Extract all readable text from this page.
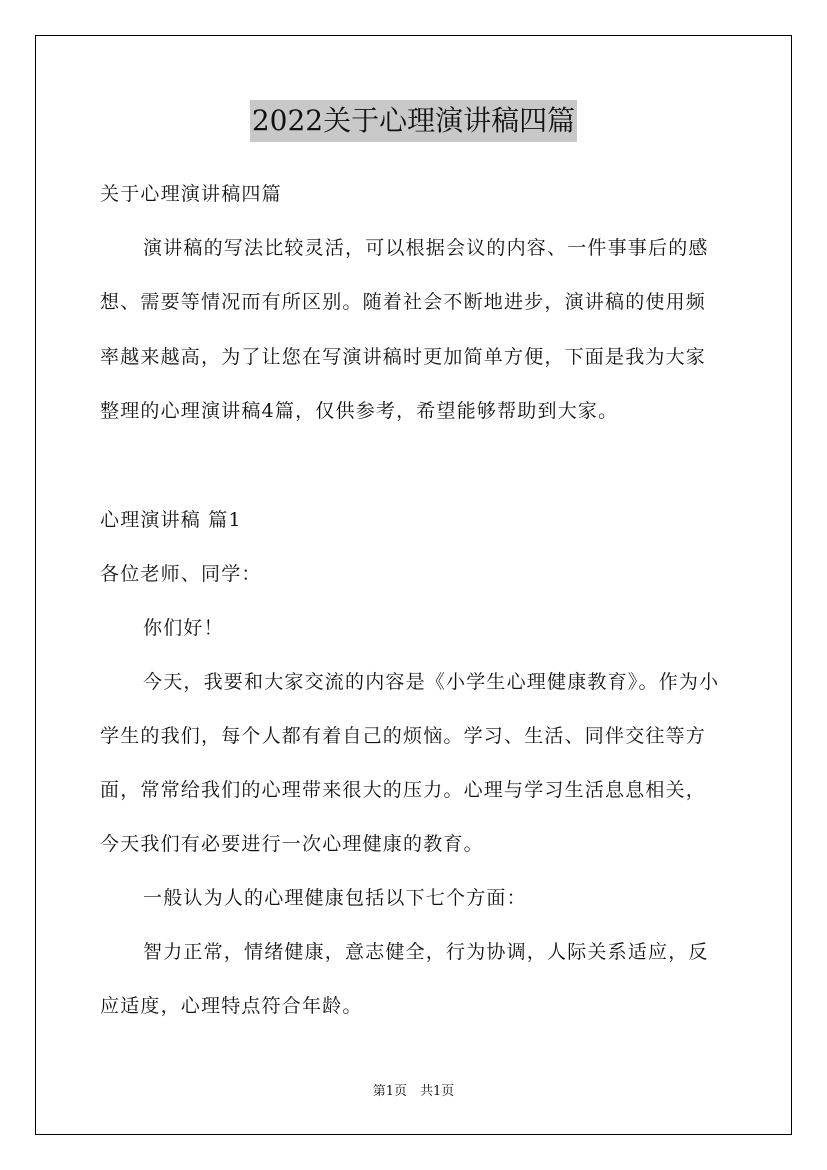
2022关于心理演讲稿四篇
关于心理演讲稿四篇
演讲稿的写法比较灵活，可以根据会议的内容、一件事事后的感
想、需要等情况而有所区别。随着社会不断地进步，演讲稿的使用频
率越来越高，为了让您在写演讲稿时更加简单方便，下面是我为大家
整理的心理演讲稿4篇，仅供参考，希望能够帮助到大家。
心理演讲稿 篇1
各位老师、同学：
你们好！
今天，我要和大家交流的内容是《小学生心理健康教育》。作为小
学生的我们，每个人都有着自己的烦恼。学习、生活、同伴交往等方
面，常常给我们的心理带来很大的压力。心理与学习生活息息相关，
今天我们有必要进行一次心理健康的教育。
一般认为人的心理健康包括以下七个方面：
智力正常，情绪健康，意志健全，行为协调，人际关系适应，反
应适度，心理特点符合年龄。
第1页　共1页
